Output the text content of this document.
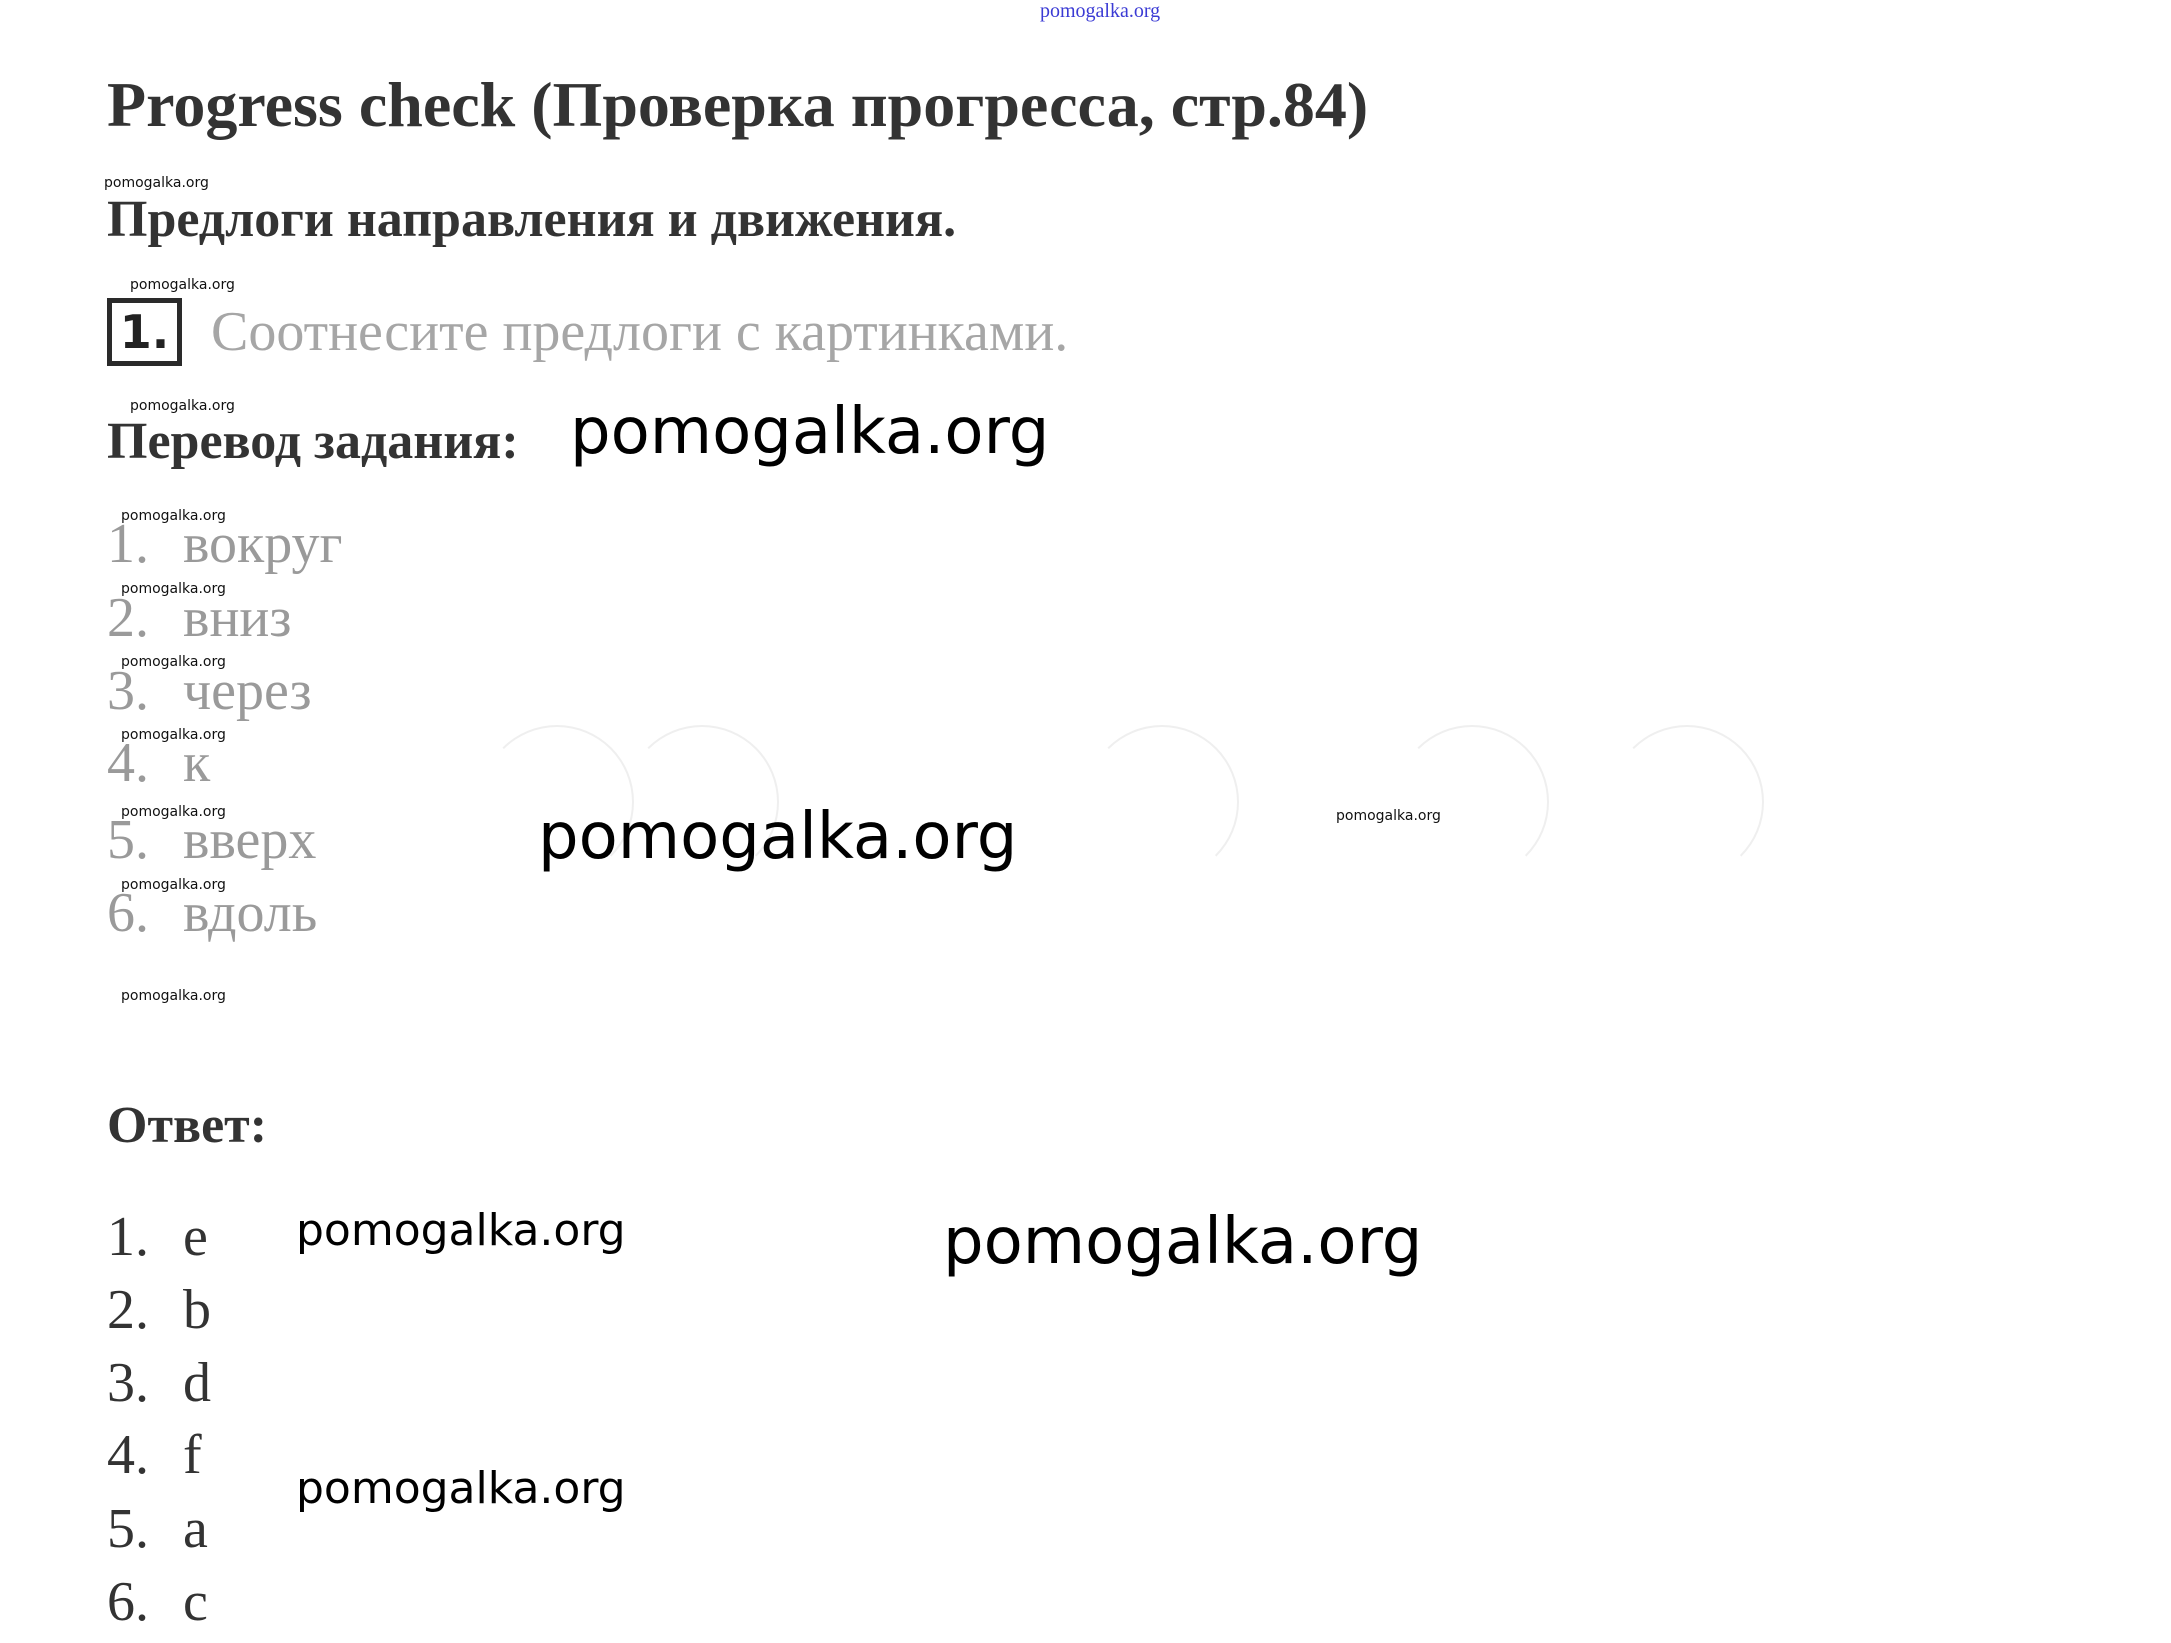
pomogalka.org
Progress check (Проверка прогресса, стр.84)
pomogalka.org
Предлоги направления и движения.
pomogalka.org
1. Соотнесите предлоги с картинками.
pomogalka.org
Перевод задания: pomogalka.org
pomogalka.org
1. вокруг
pomogalka.org
2. вниз
pomogalka.org
3. через
pomogalka.org
4. к
pomogalka.org
5. вверх	pomogalka.org	pomogalka.org
pomogalka.org
6. вдоль
pomogalka.org
Ответ:
1. e pomogalka.org	pomogalka.org
2. b
3. d
4. f
5. a
pomogalka.org
6. c
